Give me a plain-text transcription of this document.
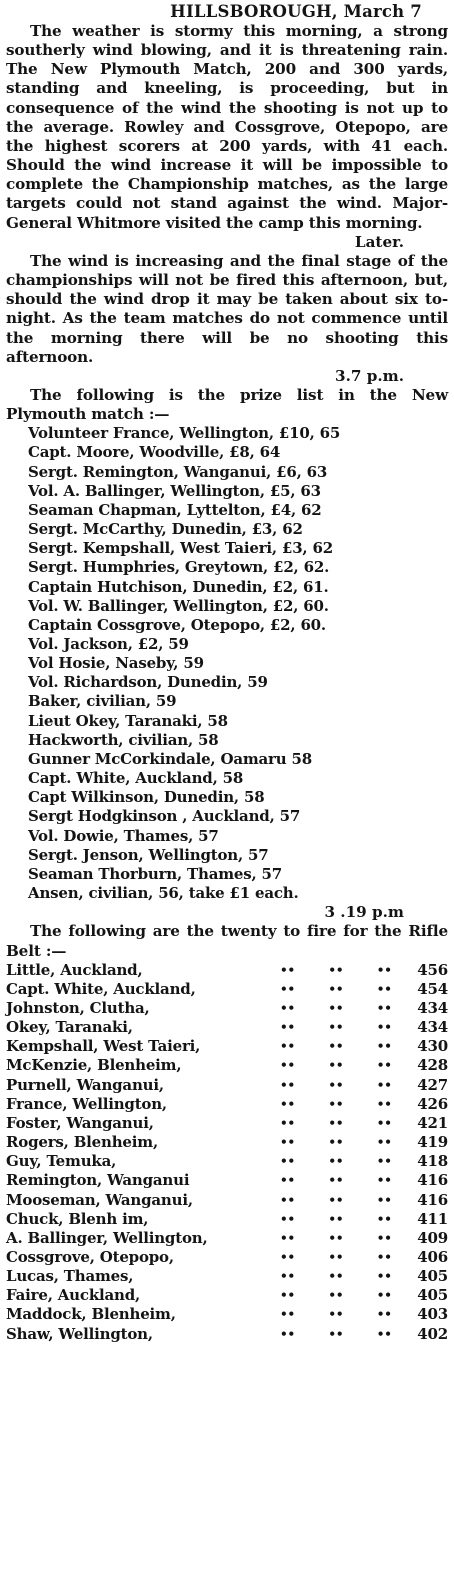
HILLSBOROUGH, March 7

The weather is stormy this morning, a strong southerly wind blowing, and it is threatening rain. The New Plymouth Match, 200 and 300 yards, standing and kneeling, is proceeding, but in consequence of the wind the shooting is not up to the average. Rowley and Cossgrove, Otepopo, are the highest scorers at 200 yards, with 41 each. Should the wind increase it will be impossible to complete the Championship matches, as the large targets could not stand against the wind. Major-General Whitmore visited the camp this morning.

Later.

The wind is increasing and the final stage of the championships will not be fired this afternoon, but, should the wind drop it may be taken about six to-night. As the team matches do not commence until the morning there will be no shooting this afternoon.

3.7 p.m.

The following is the prize list in the New Plymouth match :—

Volunteer France, Wellington, £10, 65
Capt. Moore, Woodville, £8, 64
Sergt. Remington, Wanganui, £6, 63
Vol. A. Ballinger, Wellington, £5, 63
Seaman Chapman, Lyttelton, £4, 62
Sergt. McCarthy, Dunedin, £3, 62
Sergt. Kempshall, West Taieri, £3, 62
Sergt. Humphries, Greytown, £2, 62.
Captain Hutchison, Dunedin, £2, 61.
Vol. W. Ballinger, Wellington, £2, 60.
Captain Cossgrove, Otepopo, £2, 60.
Vol. Jackson, £2, 59
Vol Hosie, Naseby, 59
Vol. Richardson, Dunedin, 59
Baker, civilian, 59
Lieut Okey, Taranaki, 58
Hackworth, civilian, 58
Gunner McCorkindale, Oamaru 58
Capt. White, Auckland, 58
Capt Wilkinson, Dunedin, 58
Sergt Hodgkinson , Auckland, 57
Vol. Dowie, Thames, 57
Sergt. Jenson, Wellington, 57
Seaman Thorburn, Thames, 57
Ansen, civilian, 56, take £1 each.
3 .19 p.m

The following are the twenty to fire for the Rifle Belt :—

Little, Auckland,	••	••	••	456
Capt. White, Auckland,	••	••	••	454
Johnston, Clutha,	••	••	••	434
Okey, Taranaki,	••	••	••	434
Kempshall, West Taieri,	••	••	••	430
McKenzie, Blenheim,	••	••	••	428
Purnell, Wanganui,	••	••	••	427
France, Wellington,	••	••	••	426
Foster, Wanganui,	••	••	••	421
Rogers, Blenheim,	••	••	••	419
Guy, Temuka,	••	••	••	418
Remington, Wanganui	••	••	••	416
Mooseman, Wanganui,	••	••	••	416
Chuck, Blenh im,	••	••	••	411
A. Ballinger, Wellington,	••	••	••	409
Cossgrove, Otepopo,	••	••	••	406
Lucas, Thames,	••	••	••	405
Faire, Auckland,	••	••	••	405
Maddock, Blenheim,	••	••	••	403
Shaw, Wellington,	••	••	••	402
